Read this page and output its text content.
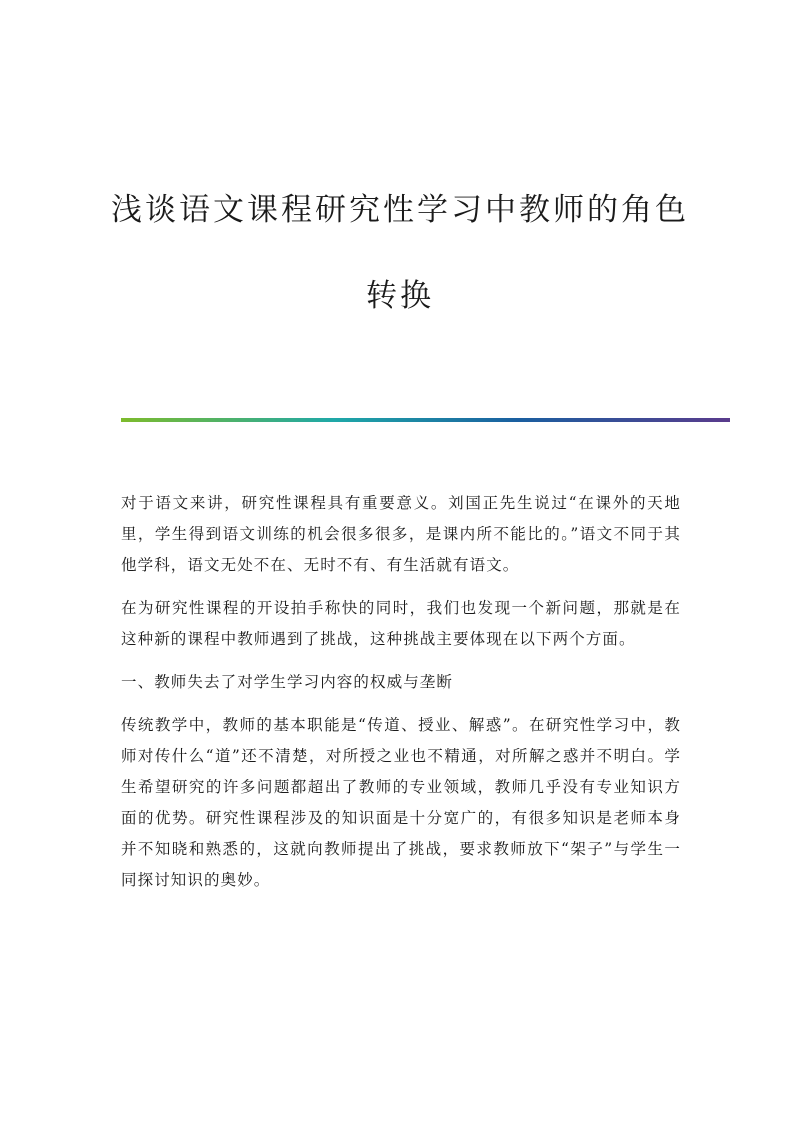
浅谈语文课程研究性学习中教师的角色
转换

对于语文来讲，研究性课程具有重要意义。刘国正先生说过“在课外的天地里，学生得到语文训练的机会很多很多，是课内所不能比的。”语文不同于其他学科，语文无处不在、无时不有、有生活就有语文。

在为研究性课程的开设拍手称快的同时，我们也发现一个新问题，那就是在这种新的课程中教师遇到了挑战，这种挑战主要体现在以下两个方面。

一、教师失去了对学生学习内容的权威与垄断

传统教学中，教师的基本职能是“传道、授业、解惑”。在研究性学习中，教师对传什么“道”还不清楚，对所授之业也不精通，对所解之惑并不明白。学生希望研究的许多问题都超出了教师的专业领域，教师几乎没有专业知识方面的优势。研究性课程涉及的知识面是十分宽广的，有很多知识是老师本身并不知晓和熟悉的，这就向教师提出了挑战，要求教师放下“架子”与学生一同探讨知识的奥妙。
